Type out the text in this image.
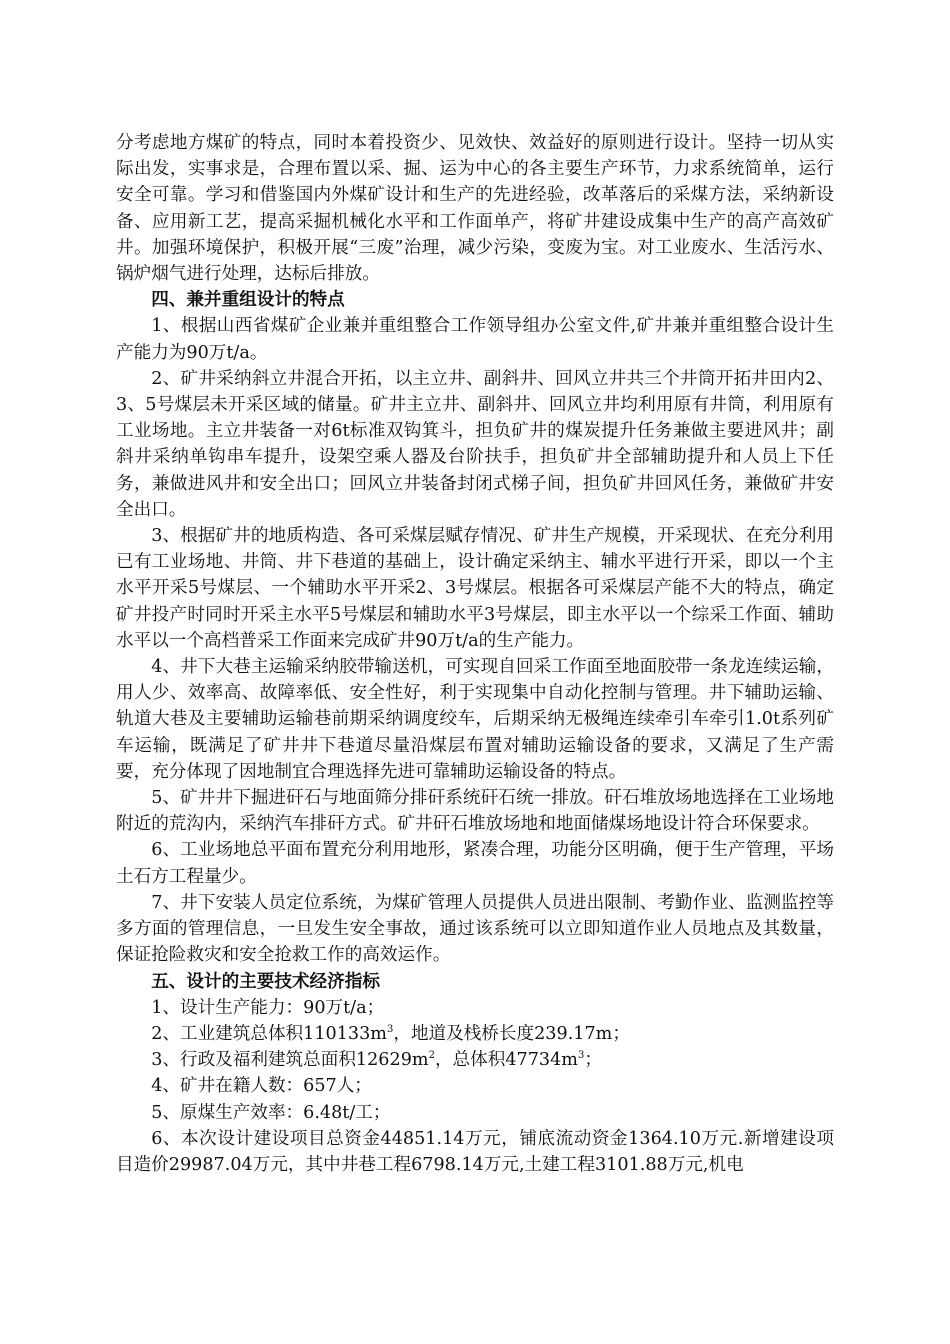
分考虑地方煤矿的特点，同时本着投资少、见效快、效益好的原则进行设计。坚持一切从实际出发，实事求是，合理布置以采、掘、运为中心的各主要生产环节，力求系统简单，运行安全可靠。学习和借鉴国内外煤矿设计和生产的先进经验，改革落后的采煤方法，采纳新设备、应用新工艺，提高采掘机械化水平和工作面单产，将矿井建设成集中生产的高产高效矿井。加强环境保护，积极开展“三废”治理，减少污染，变废为宝。对工业废水、生活污水、锅炉烟气进行处理，达标后排放。

四、兼并重组设计的特点

1、根据山西省煤矿企业兼并重组整合工作领导组办公室文件,矿井兼并重组整合设计生产能力为90万t/a。

2、矿井采纳斜立井混合开拓，以主立井、副斜井、回风立井共三个井筒开拓井田内2、3、5号煤层未开采区域的储量。矿井主立井、副斜井、回风立井均利用原有井筒，利用原有工业场地。主立井装备一对6t标准双钩箕斗，担负矿井的煤炭提升任务兼做主要进风井；副斜井采纳单钩串车提升，设架空乘人器及台阶扶手，担负矿井全部辅助提升和人员上下任务，兼做进风井和安全出口；回风立井装备封闭式梯子间，担负矿井回风任务，兼做矿井安全出口。

3、根据矿井的地质构造、各可采煤层赋存情况、矿井生产规模，开采现状、在充分利用已有工业场地、井筒、井下巷道的基础上，设计确定采纳主、辅水平进行开采，即以一个主水平开采5号煤层、一个辅助水平开采2、3号煤层。根据各可采煤层产能不大的特点，确定矿井投产时同时开采主水平5号煤层和辅助水平3号煤层，即主水平以一个综采工作面、辅助水平以一个高档普采工作面来完成矿井90万t/a的生产能力。

4、井下大巷主运输采纳胶带输送机，可实现自回采工作面至地面胶带一条龙连续运输，用人少、效率高、故障率低、安全性好，利于实现集中自动化控制与管理。井下辅助运输、轨道大巷及主要辅助运输巷前期采纳调度绞车，后期采纳无极绳连续牵引车牵引1.0t系列矿车运输，既满足了矿井井下巷道尽量沿煤层布置对辅助运输设备的要求，又满足了生产需要，充分体现了因地制宜合理选择先进可靠辅助运输设备的特点。

5、矿井井下掘进矸石与地面筛分排矸系统矸石统一排放。矸石堆放场地选择在工业场地附近的荒沟内，采纳汽车排矸方式。矿井矸石堆放场地和地面储煤场地设计符合环保要求。

6、工业场地总平面布置充分利用地形，紧凑合理，功能分区明确，便于生产管理，平场土石方工程量少。

7、井下安装人员定位系统，为煤矿管理人员提供人员进出限制、考勤作业、监测监控等多方面的管理信息，一旦发生安全事故，通过该系统可以立即知道作业人员地点及其数量，保证抢险救灾和安全抢救工作的高效运作。

五、设计的主要技术经济指标

1、设计生产能力：90万t/a；

2、工业建筑总体积$110133m^3$，地道及栈桥长度239.17m；

3、行政及福利建筑总面积$12629m^2$，总体积$47734m^3$；

4、矿井在籍人数：657人；

5、原煤生产效率：6.48t/工；

6、本次设计建设项目总资金44851.14万元，铺底流动资金1364.10万元.新增建设项目造价29987.04万元，其中井巷工程6798.14万元,土建工程3101.88万元,机电
